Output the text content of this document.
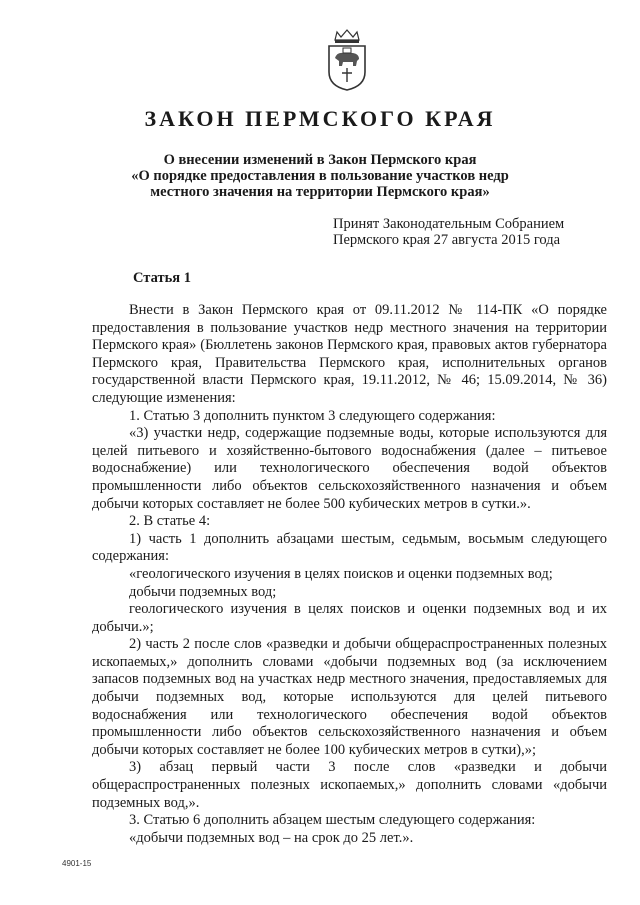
ЗАКОН ПЕРМСКОГО КРАЯ
О внесении изменений в Закон Пермского края
«О порядке предоставления в пользование участков недр
местного значения на территории Пермского края»
Принят Законодательным Собранием
Пермского края 27 августа 2015 года
Статья 1

Внести в Закон Пермского края от 09.11.2012 № 114-ПК «О порядке предоставления в пользование участков недр местного значения на территории Пермского края» (Бюллетень законов Пермского края, правовых актов губернатора Пермского края, Правительства Пермского края, исполнительных органов государственной власти Пермского края, 19.11.2012, № 46; 15.09.2014, № 36) следующие изменения:

1. Статью 3 дополнить пунктом 3 следующего содержания:

«3) участки недр, содержащие подземные воды, которые используются для целей питьевого и хозяйственно-бытового водоснабжения (далее – питьевое водоснабжение) или технологического обеспечения водой объектов промышленности либо объектов сельскохозяйственного назначения и объем добычи которых составляет не более 500 кубических метров в сутки.».

2. В статье 4:

1) часть 1 дополнить абзацами шестым, седьмым, восьмым следующего содержания:

«геологического изучения в целях поисков и оценки подземных вод;

добычи подземных вод;

геологического изучения в целях поисков и оценки подземных вод и их добычи.»;

2) часть 2 после слов «разведки и добычи общераспространенных полезных ископаемых,» дополнить словами «добычи подземных вод (за исключением запасов подземных вод на участках недр местного значения, предоставляемых для добычи подземных вод, которые используются для целей питьевого водоснабжения или технологического обеспечения водой объектов промышленности либо объектов сельскохозяйственного назначения и объем добычи которых составляет не более 100 кубических метров в сутки),»;

3) абзац первый части 3 после слов «разведки и добычи общераспространенных полезных ископаемых,» дополнить словами «добычи подземных вод,».

3. Статью 6 дополнить абзацем шестым следующего содержания:

«добычи подземных вод – на срок до 25 лет.».

4901-15
